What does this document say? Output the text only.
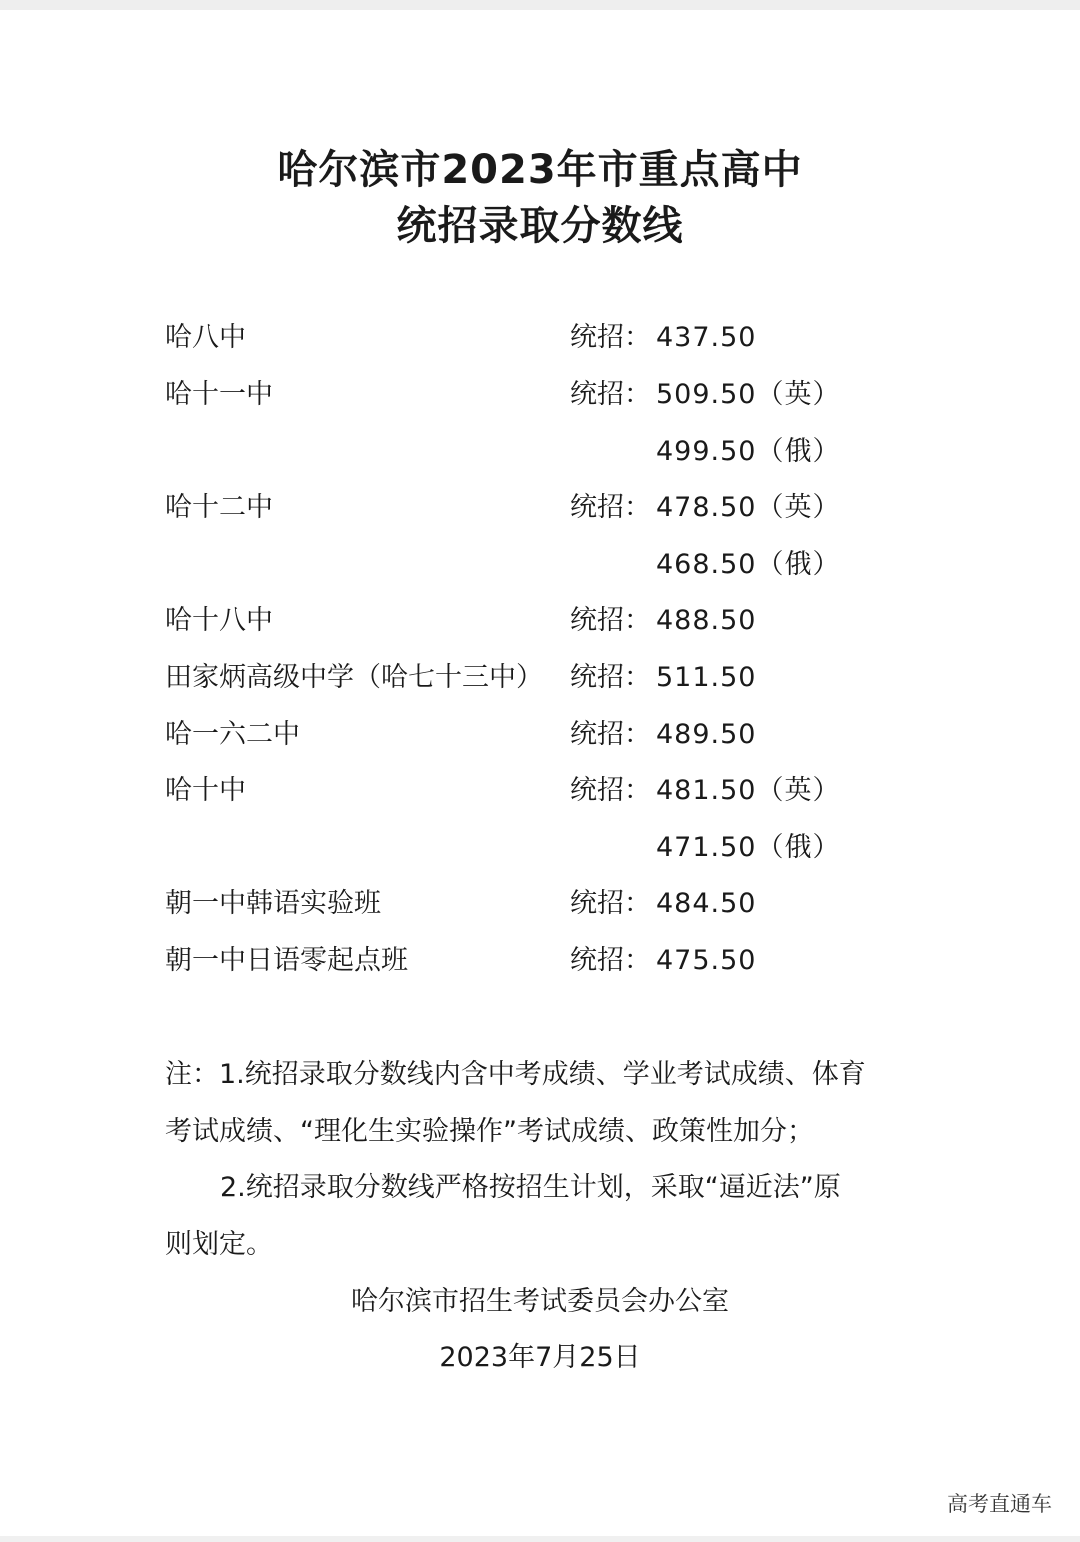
哈尔滨市2023年市重点高中
统招录取分数线
哈八中	统招： 437.50
哈十一中	统招： 509.50（英）
499.50（俄）
哈十二中	统招： 478.50（英）
468.50（俄）
哈十八中	统招： 488.50
田家炳高级中学（哈七十三中） 统招： 511.50
哈一六二中	统招： 489.50
哈十中	统招： 481.50（英）
471.50（俄）
朝一中韩语实验班	统招： 484.50
朝一中日语零起点班	统招： 475.50
注：1.统招录取分数线内含中考成绩、学业考试成绩、体育
考试成绩、“理化生实验操作”考试成绩、政策性加分；
2.统招录取分数线严格按招生计划，采取“逼近法”原
则划定。
哈尔滨市招生考试委员会办公室
2023年7月25日
高考直通车
